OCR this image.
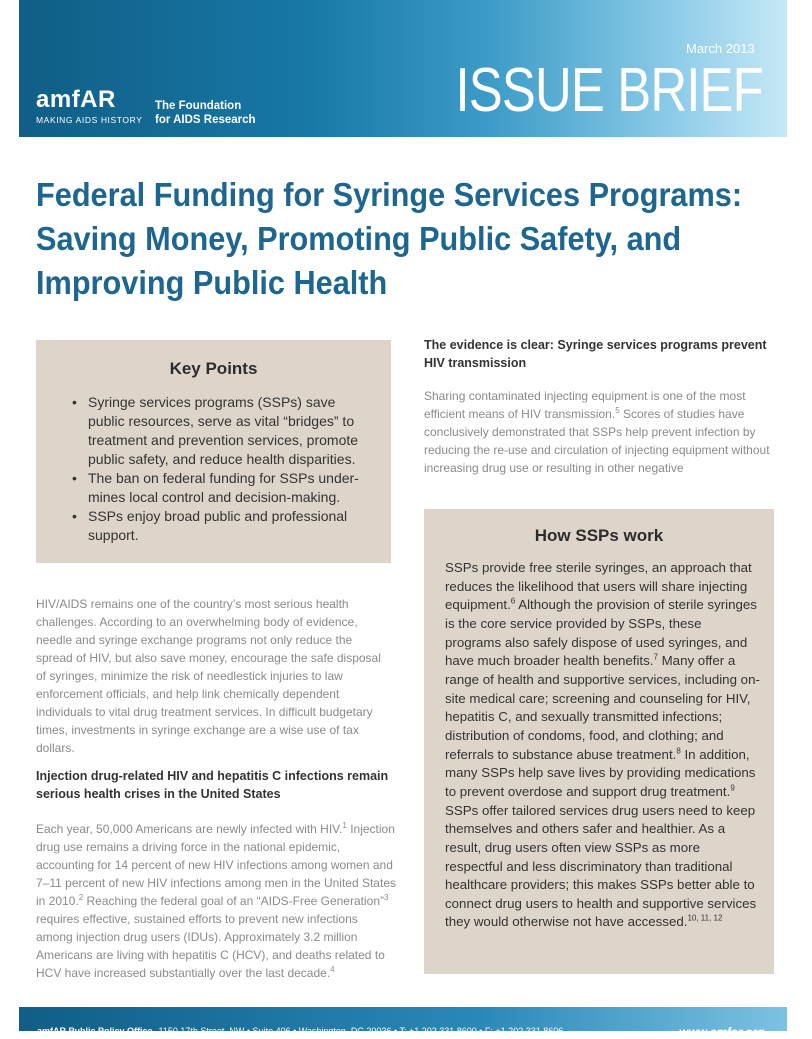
March 2013
ISSUE BRIEF
amfAR
MAKING AIDS HISTORY
The Foundation
for AIDS Research
Federal Funding for Syringe Services Programs: Saving Money, Promoting Public Safety, and Improving Public Health
Key Points
• Syringe services programs (SSPs) save public resources, serve as vital “bridges” to treatment and prevention services, promote public safety, and reduce health disparities.
• The ban on federal funding for SSPs under-mines local control and decision-making.
• SSPs enjoy broad public and professional support.
HIV/AIDS remains one of the country’s most serious health challenges. According to an overwhelming body of evidence, needle and syringe exchange programs not only reduce the spread of HIV, but also save money, encourage the safe disposal of syringes, minimize the risk of needlestick injuries to law enforcement officials, and help link chemically dependent individuals to vital drug treatment services. In difficult budgetary times, investments in syringe exchange are a wise use of tax dollars.
Injection drug-related HIV and hepatitis C infections remain serious health crises in the United States
Each year, 50,000 Americans are newly infected with HIV.$^1$ Injection drug use remains a driving force in the national epidemic, accounting for 14 percent of new HIV infections among women and 7–11 percent of new HIV infections among men in the United States in 2010.$^2$ Reaching the federal goal of an “AIDS-Free Generation”$^3$ requires effective, sustained efforts to prevent new infections among injection drug users (IDUs). Approximately 3.2 million Americans are living with hepatitis C (HCV), and deaths related to HCV have increased substantially over the last decade.$^4$
The evidence is clear: Syringe services programs prevent HIV transmission
Sharing contaminated injecting equipment is one of the most efficient means of HIV transmission.$^5$ Scores of studies have conclusively demonstrated that SSPs help prevent infection by reducing the re-use and circulation of injecting equipment without increasing drug use or resulting in other negative
How SSPs work
SSPs provide free sterile syringes, an approach that reduces the likelihood that users will share injecting equipment.$^6$ Although the provision of sterile syringes is the core service provided by SSPs, these programs also safely dispose of used syringes, and have much broader health benefits.$^7$ Many offer a range of health and supportive services, including on-site medical care; screening and counseling for HIV, hepatitis C, and sexually transmitted infections; distribution of condoms, food, and clothing; and referrals to substance abuse treatment.$^8$ In addition, many SSPs help save lives by providing medications to prevent overdose and support drug treatment.$^9$ SSPs offer tailored services drug users need to keep themselves and others safer and healthier. As a result, drug users often view SSPs as more respectful and less discriminatory than traditional healthcare providers; this makes SSPs better able to connect drug users to health and supportive services they would otherwise not have accessed.$^{10, 11, 12}$
amfAR Public Policy Office 1150 17th Street, NW • Suite 406 • Washington, DC 20036 • T: +1 202 331 8600 • F: +1 202 331 8606	www.amfar.org
